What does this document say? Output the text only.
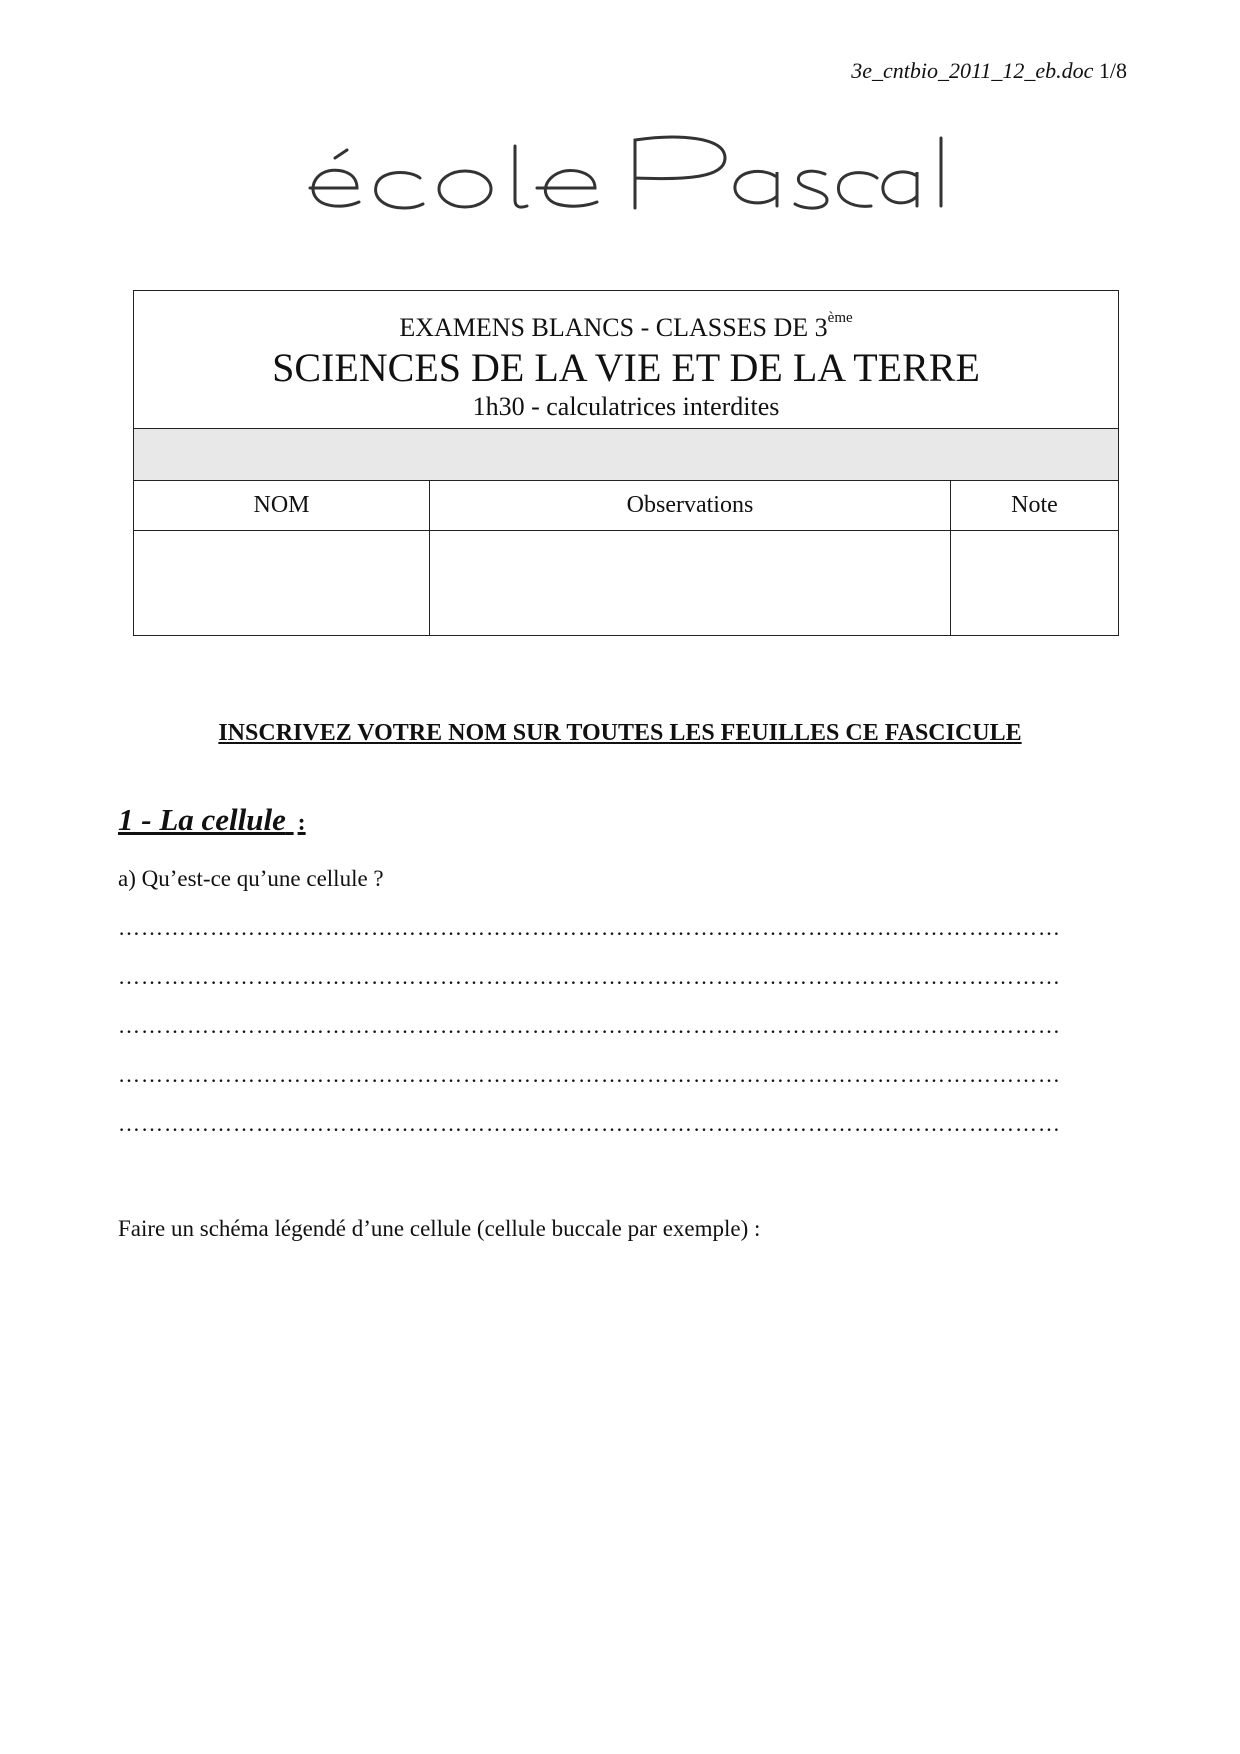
3e_cntbio_2011_12_eb.doc 1/8
EXAMENS BLANCS - CLASSES DE 3ème
SCIENCES DE LA VIE ET DE LA TERRE
1h30 - calculatrices interdites
NOM	Observations	Note
INSCRIVEZ VOTRE NOM SUR TOUTES LES FEUILLES CE FASCICULE
1 - La cellule :
a) Qu’est-ce qu’une cellule ?
……………………………………………………………………………………………………………
……………………………………………………………………………………………………………
……………………………………………………………………………………………………………
……………………………………………………………………………………………………………
……………………………………………………………………………………………………………
Faire un schéma légendé d’une cellule (cellule buccale par exemple) :
